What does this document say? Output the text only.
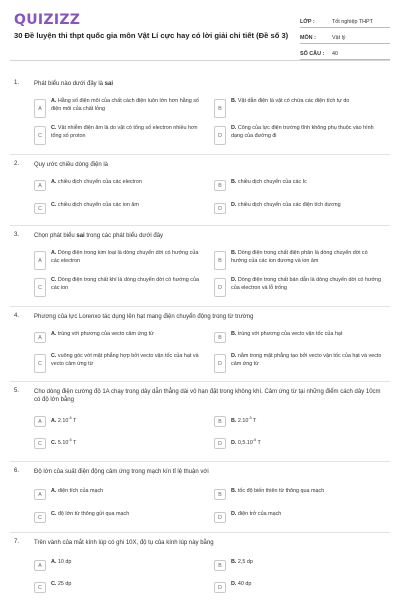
QUIZIZZ
30 Đề luyện thi thpt quốc gia môn Vật Lí cực hay có lời giải chi tiết (Đề số 3)
LỚP :	Tốt nghiệp THPT
MÔN :	Vật lý
SỐ CÂU :	40
1. Phát biểu nào dưới đây là sai
A
A. Hằng số điện môi của chất cách điện luôn lớn hơn hằng số điện môi của chất lỏng	B
B. Vật dẫn điện là vật có chứa các điện tích tự do
C
C. Vật nhiễm điện âm là do vật có tổng số electron nhiều hơn tổng số proton	D
D. Công của lực điện trường tĩnh không phụ thuộc vào hình dạng của đường đi
2. Quy ước chiều dòng điện là
A
A. chiều dịch chuyển của các electron
B
B. chiều dịch chuyển của các Ic
C
C. chiều dịch chuyển của các ion âm
D
D. chiều dịch chuyển của các điện tích dương
3. Chọn phát biểu sai trong các phát biểu dưới đây
A
A. Dòng điện trong kim loại là dòng chuyển dời có hướng của các electron	B
B. Dòng điện trong chất điện phân là dòng chuyển dời có hướng của các ion dương và ion âm
C
C. Dòng điện trong chất khí là dòng chuyển dời có hướng của các ion	D
D. Dòng điện trong chất bán dẫn là dòng chuyển dời có hướng của electron và lỗ trống
4. Phương của lực Lorenxo tác dụng lên hạt mang điện chuyển động trong từ trường
A
A. trùng với phương của vecto cảm ứng từ
B
B. trùng với phương của vecto vận tốc của hạt
C
C. vuông góc với mặt phẳng hợp bởi vecto vận tốc của hạt và vecto cảm ứng từ	D
D. nằm trong mặt phẳng tạo bởi vecto vận tốc của hạt và vecto cảm ứng từ
5. Cho dòng điện cường độ 1A chạy trong dây dẫn thẳng dài vô hạn đặt trong không khí. Cảm ứng từ tại những điểm cách dây 10cm có độ lớn bằng
A	A. $2.10^{-6}$ T	B	B. $2.10^{-5}$ T
C	C. $5.10^{-6}$ T	D	D. $0,5.10^{-6}$ T
6. Độ lớn của suất điện động cảm ứng trong mạch kín tỉ lệ thuận với
A
A. diện tích của mạch
B
B. tốc độ biến thiên từ thông qua mạch
C
C. độ lớn từ thông gửi qua mạch
D
D. điện trở của mạch
7. Trên vành của mắt kính lúp có ghi 10X, độ tụ của kính lúp này bằng
A
A. 10 dp
B
B. 2,5 dp
C
C. 25 dp
D
D. 40 dp
